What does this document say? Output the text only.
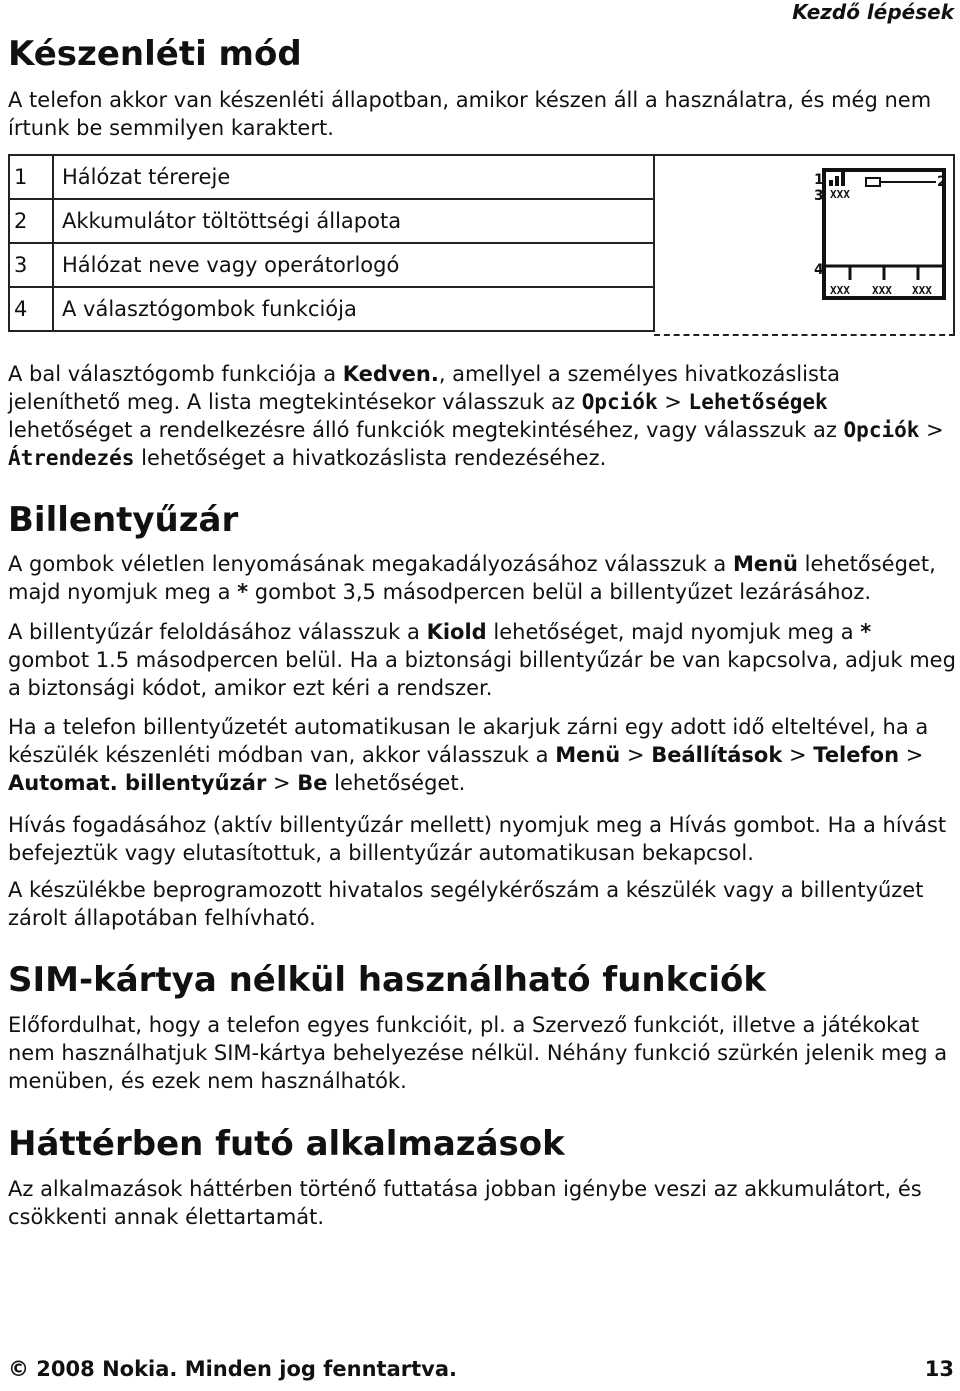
Kezdő lépések
Készenléti mód

A telefon akkor van készenléti állapotban, amikor készen áll a használatra, és még nem írtunk be semmilyen karaktert.

1	Hálózat térereje
2	Akkumulátor töltöttségi állapota
3	Hálózat neve vagy operátorlogó
4	A választógombok funkciója
XXX
XXX XXX XXX
1	2
3
4

A bal választógomb funkciója a Kedven., amellyel a személyes hivatkozáslista jeleníthető meg. A lista megtekintésekor válasszuk az Opciók > Lehetőségek lehetőséget a rendelkezésre álló funkciók megtekintéséhez, vagy válasszuk az Opciók > Átrendezés lehetőséget a hivatkozáslista rendezéséhez.

Billentyűzár

A gombok véletlen lenyomásának megakadályozásához válasszuk a Menü lehetőséget, majd nyomjuk meg a * gombot 3,5 másodpercen belül a billentyűzet lezárásához.

A billentyűzár feloldásához válasszuk a Kiold lehetőséget, majd nyomjuk meg a * gombot 1.5 másodpercen belül. Ha a biztonsági billentyűzár be van kapcsolva, adjuk meg a biztonsági kódot, amikor ezt kéri a rendszer.

Ha a telefon billentyűzetét automatikusan le akarjuk zárni egy adott idő elteltével, ha a készülék készenléti módban van, akkor válasszuk a Menü > Beállítások > Telefon > Automat. billentyűzár > Be lehetőséget.

Hívás fogadásához (aktív billentyűzár mellett) nyomjuk meg a Hívás gombot. Ha a hívást befejeztük vagy elutasítottuk, a billentyűzár automatikusan bekapcsol.

A készülékbe beprogramozott hivatalos segélykérőszám a készülék vagy a billentyűzet zárolt állapotában felhívható.

SIM-kártya nélkül használható funkciók

Előfordulhat, hogy a telefon egyes funkcióit, pl. a Szervező funkciót, illetve a játékokat nem használhatjuk SIM-kártya behelyezése nélkül. Néhány funkció szürkén jelenik meg a menüben, és ezek nem használhatók.

Háttérben futó alkalmazások

Az alkalmazások háttérben történő futtatása jobban igénybe veszi az akkumulátort, és csökkenti annak élettartamát.

© 2008 Nokia. Minden jog fenntartva.	13
